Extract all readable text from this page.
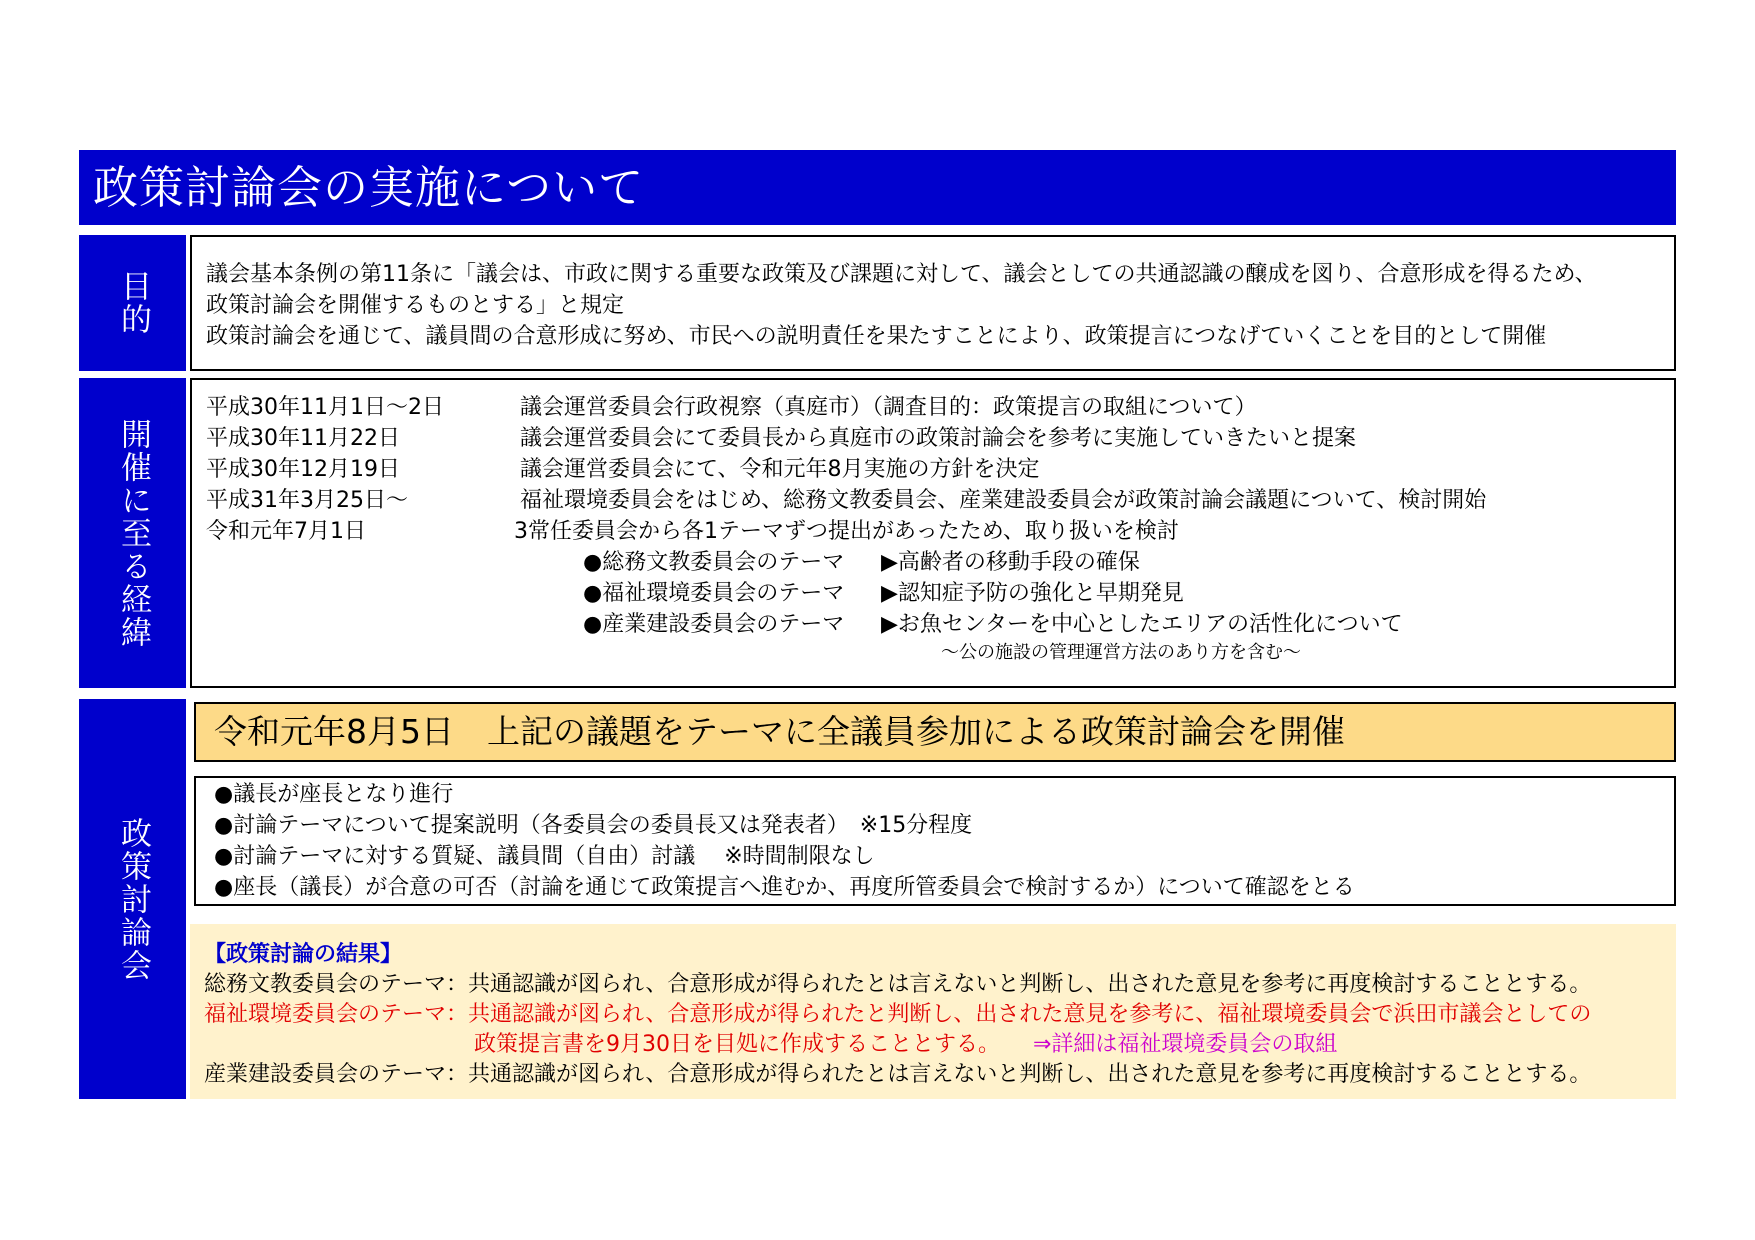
政策討論会の実施について
目的
開催に至る経緯
政策討論会
議会基本条例の第11条に「議会は、市政に関する重要な政策及び課題に対して、議会としての共通認識の醸成を図り、合意形成を得るため、
政策討論会を開催するものとする」と規定
政策討論会を通じて、議員間の合意形成に努め、市民への説明責任を果たすことにより、政策提言につなげていくことを目的として開催
平成30年11月1日～2日	議会運営委員会行政視察（真庭市）（調査目的：政策提言の取組について）
平成30年11月22日	議会運営委員会にて委員長から真庭市の政策討論会を参考に実施していきたいと提案
平成30年12月19日	議会運営委員会にて、令和元年8月実施の方針を決定
平成31年3月25日～	福祉環境委員会をはじめ、総務文教委員会、産業建設委員会が政策討論会議題について、検討開始
令和元年7月1日	3常任委員会から各1テーマずつ提出があったため、取り扱いを検討
●総務文教委員会のテーマ	▶高齢者の移動手段の確保
●福祉環境委員会のテーマ	▶認知症予防の強化と早期発見
●産業建設委員会のテーマ	▶お魚センターを中心としたエリアの活性化について
～公の施設の管理運営方法のあり方を含む～
令和元年8月5日　上記の議題をテーマに全議員参加による政策討論会を開催
●議長が座長となり進行
●討論テーマについて提案説明（各委員会の委員長又は発表者）　※15分程度
●討論テーマに対する質疑、議員間（自由）討議　 ※時間制限なし
●座長（議長）が合意の可否（討論を通じて政策提言へ進むか、再度所管委員会で検討するか）について確認をとる
【政策討論の結果】
総務文教委員会のテーマ：共通認識が図られ、合意形成が得られたとは言えないと判断し、出された意見を参考に再度検討することとする。
福祉環境委員会のテーマ：共通認識が図られ、合意形成が得られたと判断し、出された意見を参考に、福祉環境委員会で浜田市議会としての
政策提言書を9月30日を目処に作成することとする。　　⇒詳細は福祉環境委員会の取組
産業建設委員会のテーマ：共通認識が図られ、合意形成が得られたとは言えないと判断し、出された意見を参考に再度検討することとする。
